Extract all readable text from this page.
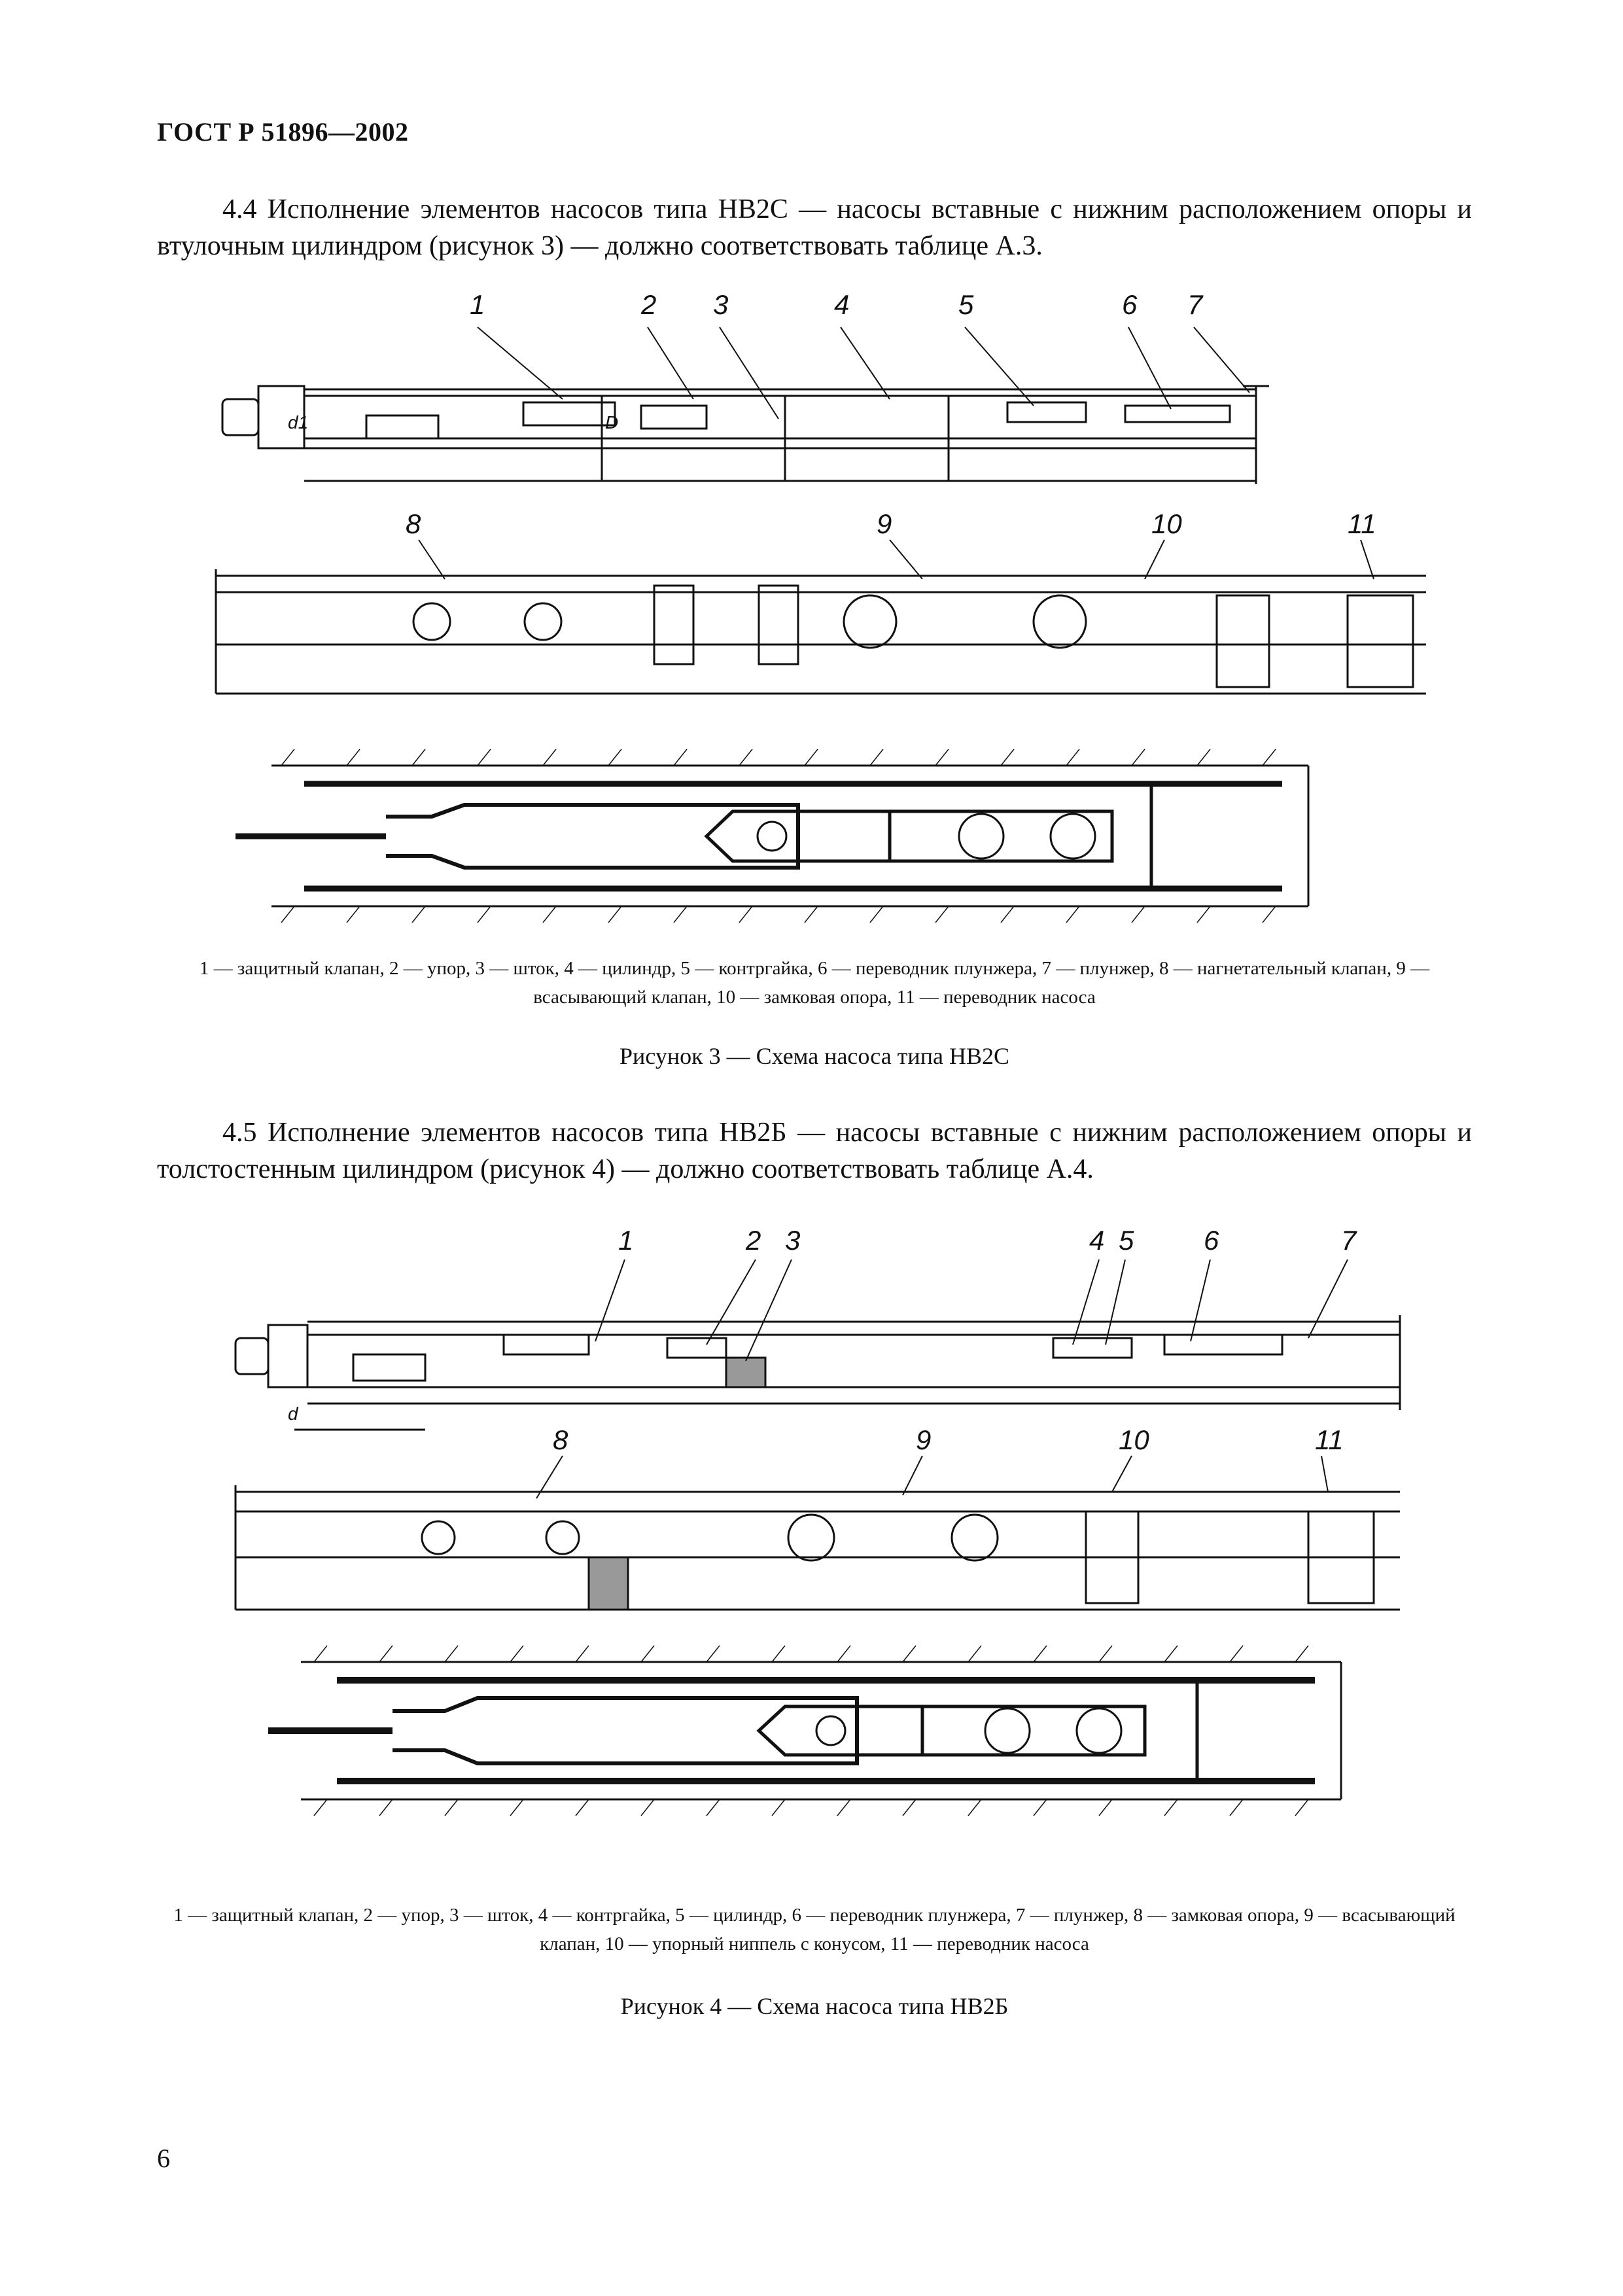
ГОСТ Р 51896—2002
4.4 Исполнение элементов насосов типа НВ2С — насосы вставные с нижним расположением опоры и втулочным цилиндром (рисунок 3) — должно соответствовать таблице А.3.
1	2 3	4	5	6 7
8	9	10	11
d1	D
1 — защитный клапан, 2 — упор, 3 — шток, 4 — цилиндр, 5 — контргайка, 6 — переводник плунжера, 7 — плунжер, 8 — нагнетательный клапан, 9 — всасывающий клапан, 10 — замковая опора, 11 — переводник насоса
Рисунок 3 — Схема насоса типа НВ2С
4.5 Исполнение элементов насосов типа НВ2Б — насосы вставные с нижним расположением опоры и толстостенным цилиндром (рисунок 4) — должно соответствовать таблице А.4.
1	2 3	4 5	6	7
8	9	10	11
d
1 — защитный клапан, 2 — упор, 3 — шток, 4 — контргайка, 5 — цилиндр, 6 — переводник плунжера, 7 — плунжер, 8 — замковая опора, 9 — всасывающий клапан, 10 — упорный ниппель с конусом, 11 — переводник насоса
Рисунок 4 — Схема насоса типа НВ2Б
6
